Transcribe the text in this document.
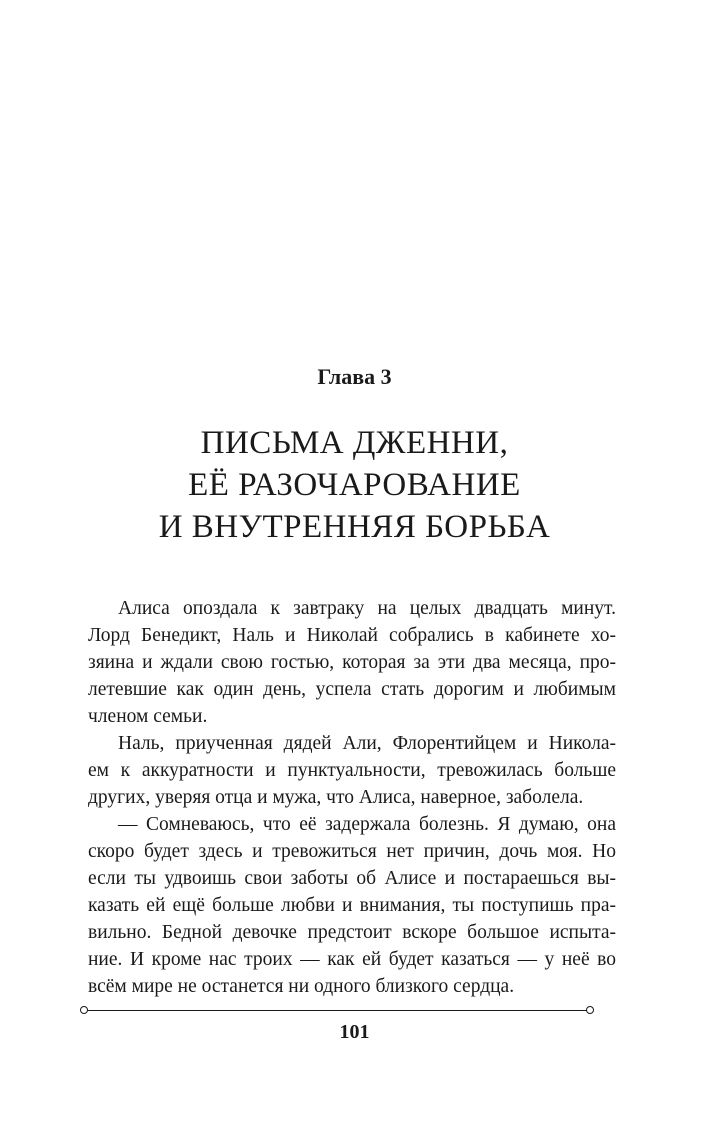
Глава 3
ПИСЬМА ДЖЕННИ,
ЕЁ РАЗОЧАРОВАНИЕ
И ВНУТРЕННЯЯ БОРЬБА
Алиса опоздала к завтраку на целых двадцать минут.
Лорд Бенедикт, Наль и Николай собрались в кабинете хо-
зяина и ждали свою гостью, которая за эти два месяца, про-
летевшие как один день, успела стать дорогим и любимым
членом семьи.
Наль, приученная дядей Али, Флорентийцем и Никола-
ем к аккуратности и пунктуальности, тревожилась больше
других, уверяя отца и мужа, что Алиса, наверное, заболела.
— Сомневаюсь, что её задержала болезнь. Я думаю, она
скоро будет здесь и тревожиться нет причин, дочь моя. Но
если ты удвоишь свои заботы об Алисе и постараешься вы-
казать ей ещё больше любви и внимания, ты поступишь пра-
вильно. Бедной девочке предстоит вскоре большое испыта-
ние. И кроме нас троих — как ей будет казаться — у неё во
всём мире не останется ни одного близкого сердца.
101
